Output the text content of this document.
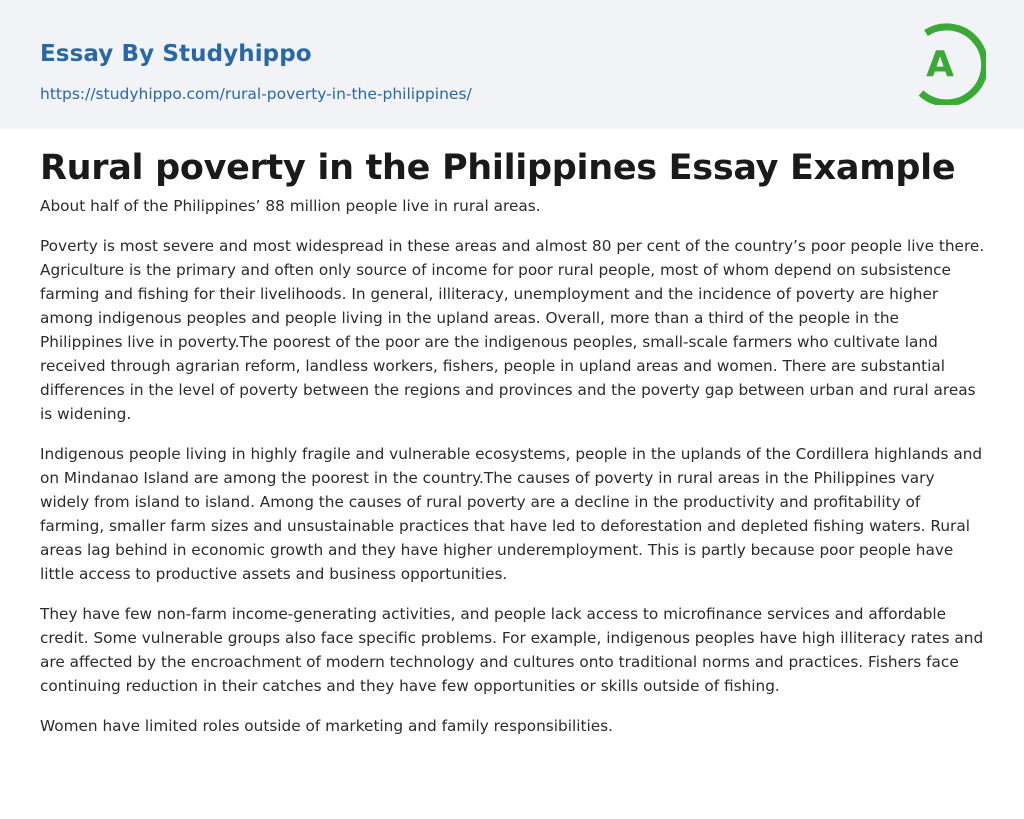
Essay By Studyhippo
https://studyhippo.com/rural-poverty-in-the-philippines/
A
Rural poverty in the Philippines Essay Example

About half of the Philippines’ 88 million people live in rural areas.

Poverty is most severe and most widespread in these areas and almost 80 per cent of the country’s poor people live there. Agriculture is the primary and often only source of income for poor rural people, most of whom depend on subsistence farming and fishing for their livelihoods. In general, illiteracy, unemployment and the incidence of poverty are higher among indigenous peoples and people living in the upland areas. Overall, more than a third of the people in the Philippines live in poverty.The poorest of the poor are the indigenous peoples, small-scale farmers who cultivate land received through agrarian reform, landless workers, fishers, people in upland areas and women. There are substantial differences in the level of poverty between the regions and provinces and the poverty gap between urban and rural areas is widening.

Indigenous people living in highly fragile and vulnerable ecosystems, people in the uplands of the Cordillera highlands and on Mindanao Island are among the poorest in the country.The causes of poverty in rural areas in the Philippines vary widely from island to island. Among the causes of rural poverty are a decline in the productivity and profitability of farming, smaller farm sizes and unsustainable practices that have led to deforestation and depleted fishing waters. Rural areas lag behind in economic growth and they have higher underemployment. This is partly because poor people have little access to productive assets and business opportunities.

They have few non-farm income-generating activities, and people lack access to microfinance services and affordable credit. Some vulnerable groups also face specific problems. For example, indigenous peoples have high illiteracy rates and are affected by the encroachment of modern technology and cultures onto traditional norms and practices. Fishers face continuing reduction in their catches and they have few opportunities or skills outside of fishing.

Women have limited roles outside of marketing and family responsibilities.
